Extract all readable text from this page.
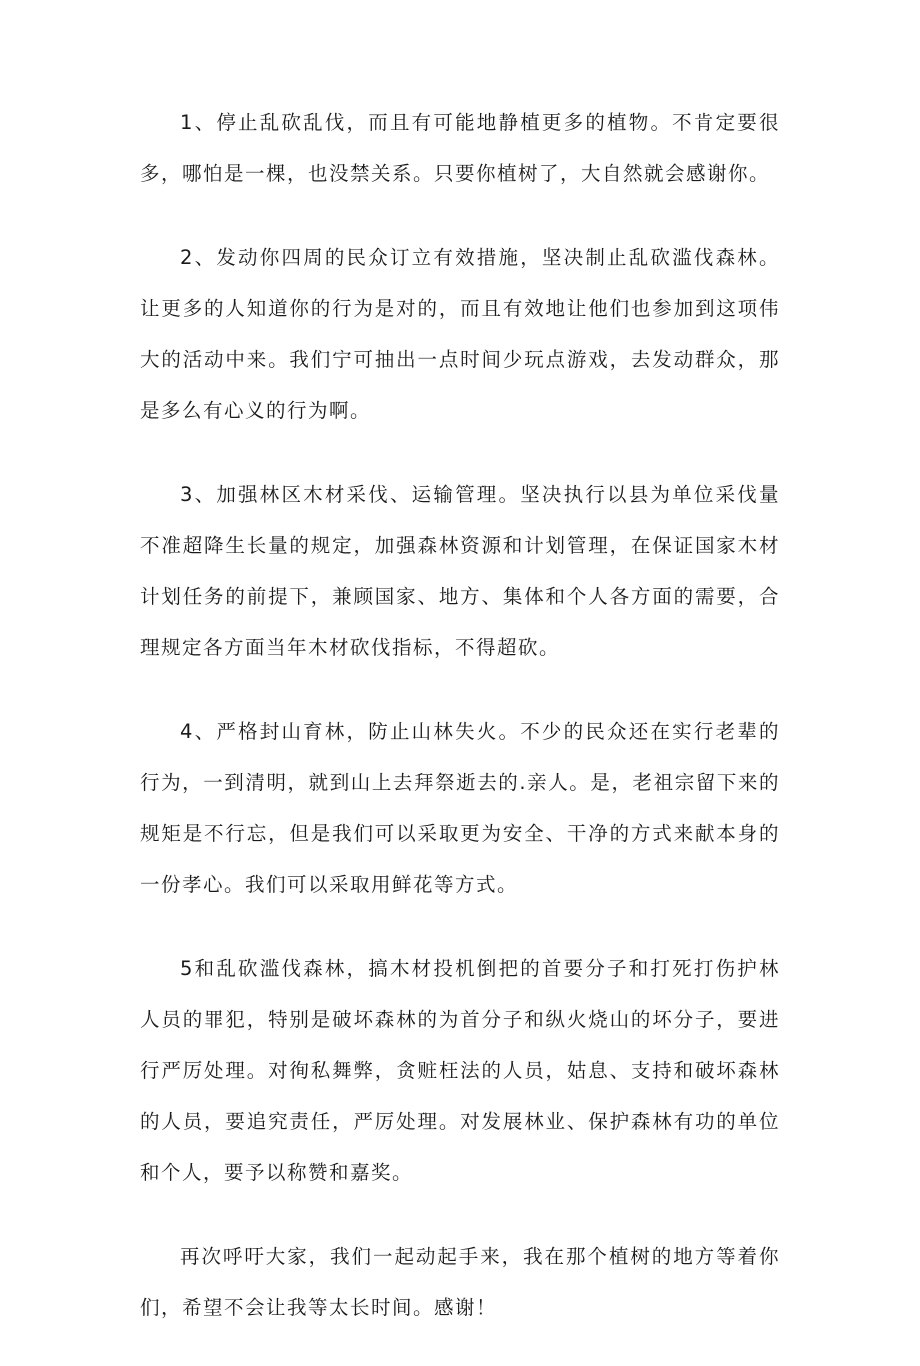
1、停止乱砍乱伐，而且有可能地静植更多的植物。不肯定要很多，哪怕是一棵，也没禁关系。只要你植树了，大自然就会感谢你。

2、发动你四周的民众订立有效措施，坚决制止乱砍滥伐森林。让更多的人知道你的行为是对的，而且有效地让他们也参加到这项伟大的活动中来。我们宁可抽出一点时间少玩点游戏，去发动群众，那是多么有心义的行为啊。

3、加强林区木材采伐、运输管理。坚决执行以县为单位采伐量不准超降生长量的规定，加强森林资源和计划管理，在保证国家木材计划任务的前提下，兼顾国家、地方、集体和个人各方面的需要，合理规定各方面当年木材砍伐指标，不得超砍。

4、严格封山育林，防止山林失火。不少的民众还在实行老辈的行为，一到清明，就到山上去拜祭逝去的.亲人。是，老祖宗留下来的规矩是不行忘，但是我们可以采取更为安全、干净的方式来献本身的一份孝心。我们可以采取用鲜花等方式。

5和乱砍滥伐森林，搞木材投机倒把的首要分子和打死打伤护林人员的罪犯，特别是破坏森林的为首分子和纵火烧山的坏分子，要进行严厉处理。对徇私舞弊，贪赃枉法的人员，姑息、支持和破坏森林的人员，要追究责任，严厉处理。对发展林业、保护森林有功的单位和个人，要予以称赞和嘉奖。

再次呼吁大家，我们一起动起手来，我在那个植树的地方等着你们，希望不会让我等太长时间。感谢！
